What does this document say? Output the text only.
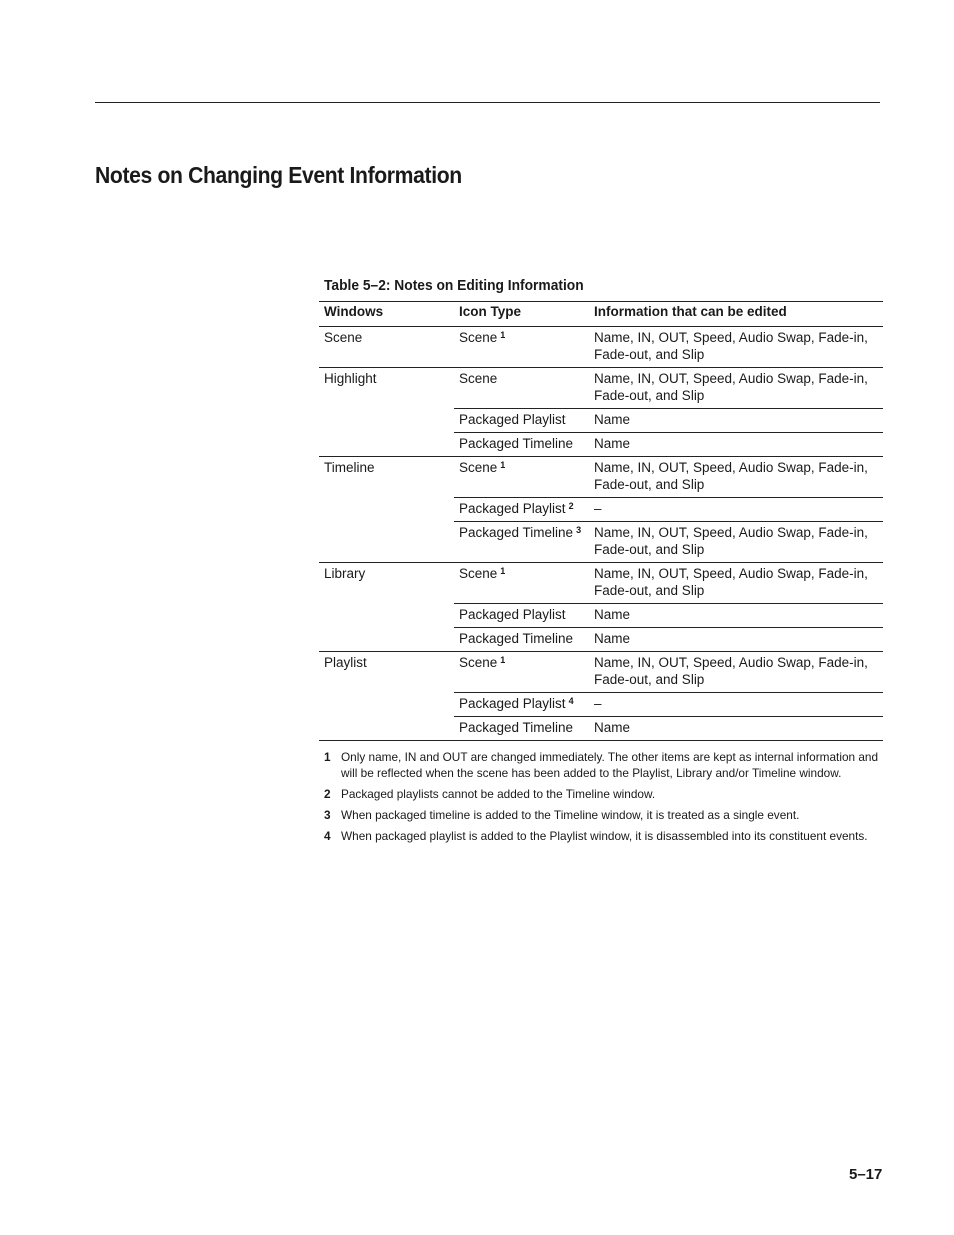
Notes on Changing Event Information
Table 5–2: Notes on Editing Information
Windows	Icon Type	Information that can be edited
Scene	Scene $^1$	Name, IN, OUT, Speed, Audio Swap, Fade-in, Fade-out, and Slip
Highlight	Scene	Name, IN, OUT, Speed, Audio Swap, Fade-in, Fade-out, and Slip
	Packaged Playlist	Name
	Packaged Timeline	Name
Timeline	Scene $^1$	Name, IN, OUT, Speed, Audio Swap, Fade-in, Fade-out, and Slip
	Packaged Playlist $^2$	–
	Packaged Timeline $^3$	Name, IN, OUT, Speed, Audio Swap, Fade-in, Fade-out, and Slip
Library	Scene $^1$	Name, IN, OUT, Speed, Audio Swap, Fade-in, Fade-out, and Slip
	Packaged Playlist	Name
	Packaged Timeline	Name
Playlist	Scene $^1$	Name, IN, OUT, Speed, Audio Swap, Fade-in, Fade-out, and Slip
	Packaged Playlist $^4$	–
	Packaged Timeline	Name
1 Only name, IN and OUT are changed immediately. The other items are kept as internal information and will be reflected when the scene has been added to the Playlist, Library and/or Timeline window.
2 Packaged playlists cannot be added to the Timeline window.
3 When packaged timeline is added to the Timeline window, it is treated as a single event.
4 When packaged playlist is added to the Playlist window, it is disassembled into its constituent events.
5–17
